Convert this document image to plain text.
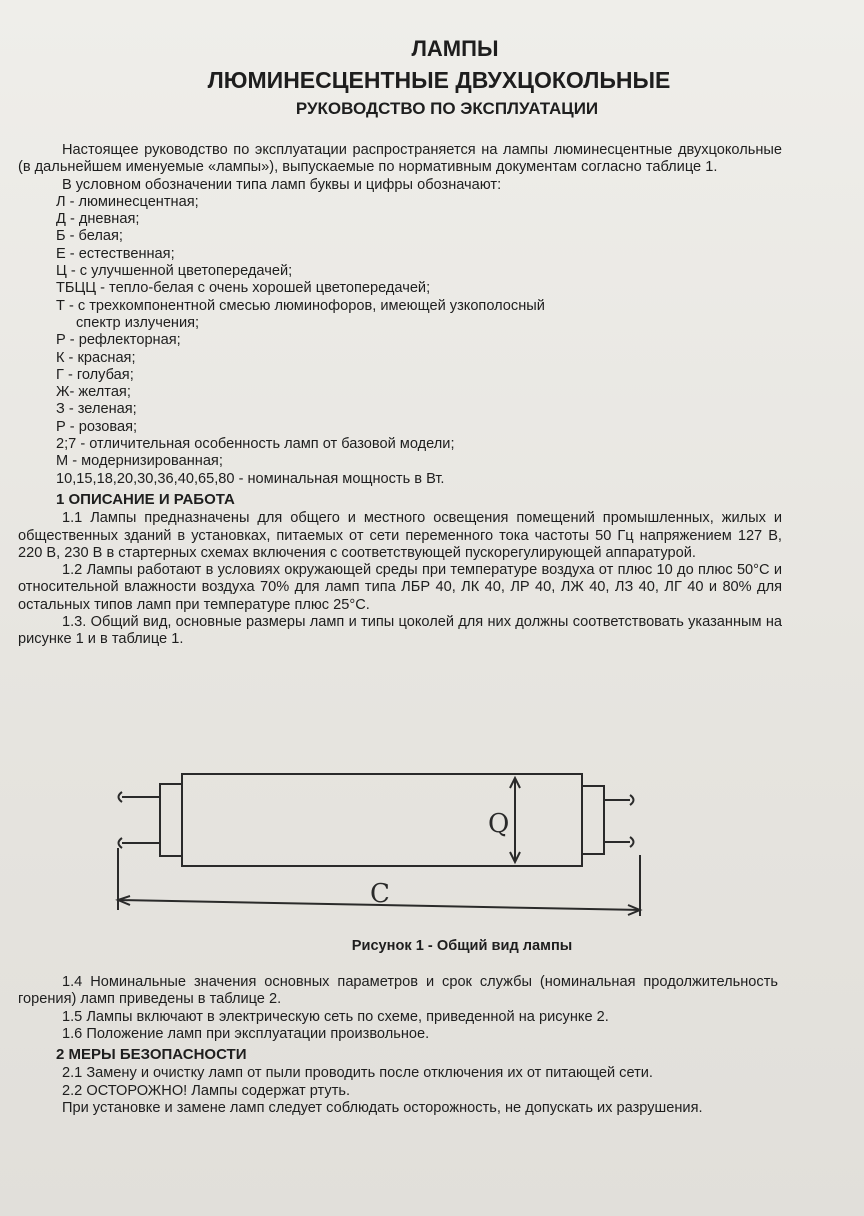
ЛАМПЫ
ЛЮМИНЕСЦЕНТНЫЕ ДВУХЦОКОЛЬНЫЕ
РУКОВОДСТВО ПО ЭКСПЛУАТАЦИИ

Настоящее руководство по эксплуатации распространяется на лампы люминесцентные двухцокольные (в дальнейшем именуемые «лампы»), выпускаемые по нормативным документам согласно таблице 1.

В условном обозначении типа ламп буквы и цифры обозначают:

Л - люминесцентная;
Д - дневная;
Б - белая;
Е - естественная;
Ц - с улучшенной цветопередачей;
ТБЦЦ - тепло-белая с очень хорошей цветопередачей;
Т - с трехкомпонентной смесью люминофоров, имеющей узкополосный
спектр излучения;
Р - рефлекторная;
К - красная;
Г - голубая;
Ж- желтая;
З - зеленая;
Р - розовая;
2;7 - отличительная особенность ламп от базовой модели;
М - модернизированная;
10,15,18,20,30,36,40,65,80 - номинальная мощность в Вт.
1 ОПИСАНИЕ И РАБОТА

1.1 Лампы предназначены для общего и местного освещения помещений промышленных, жилых и общественных зданий в установках, питаемых от сети переменного тока частоты 50 Гц напряжением 127 В, 220 В, 230 В в стартерных схемах включения с соответствующей пускорегулирующей аппаратурой.

1.2 Лампы работают в условиях окружающей среды при температуре воздуха от плюс 10 до плюс 50°С и относительной влажности воздуха 70% для ламп типа ЛБР 40, ЛК 40, ЛР 40, ЛЖ 40, ЛЗ 40, ЛГ 40 и 80% для остальных типов ламп при температуре плюс 25°С.

1.3. Общий вид, основные размеры ламп и типы цоколей для них должны соответствовать указанным на рисунке 1 и в таблице 1.

Q
C
Рисунок 1 - Общий вид лампы

1.4 Номинальные значения основных параметров и срок службы (номинальная продолжительность горения) ламп приведены в таблице 2.

1.5 Лампы включают в электрическую сеть по схеме, приведенной на рисунке 2.

1.6 Положение ламп при эксплуатации произвольное.

2 МЕРЫ БЕЗОПАСНОСТИ

2.1 Замену и очистку ламп от пыли проводить после отключения их от питающей сети.

2.2 ОСТОРОЖНО! Лампы содержат ртуть.

При установке и замене ламп следует соблюдать осторожность, не допускать их разрушения.
